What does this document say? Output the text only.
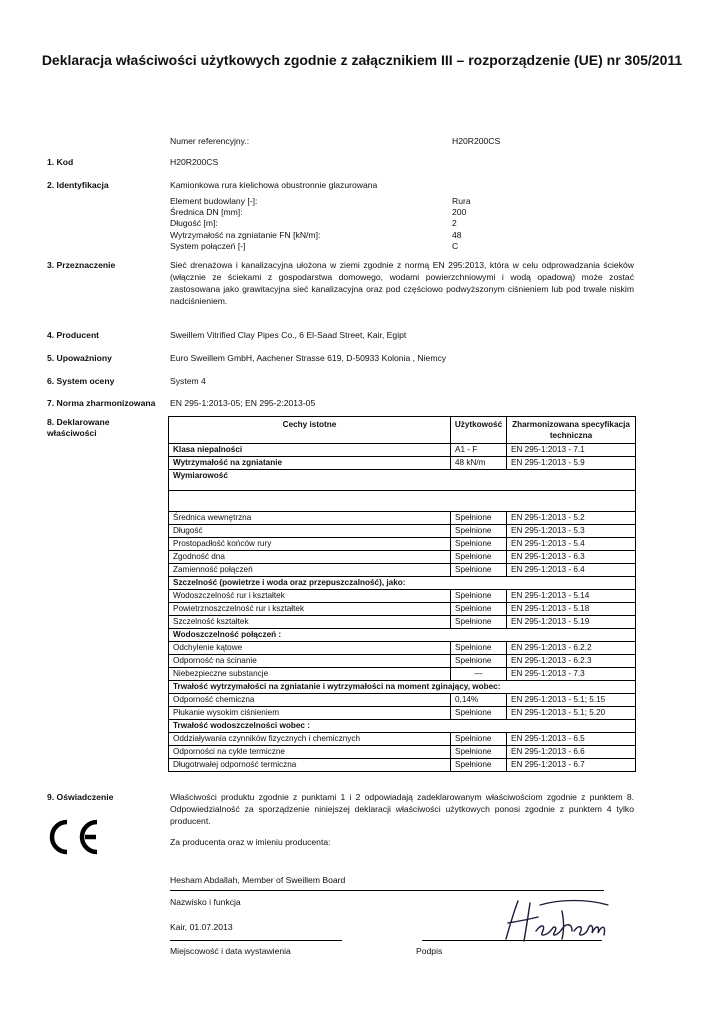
Deklaracja właściwości użytkowych zgodnie z załącznikiem III – rozporządzenie (UE) nr 305/2011
Numer referencyjny.:	H20R200CS
1. Kod	H20R200CS
2. Identyfikacja	Kamionkowa rura kielichowa obustronnie glazurowana
Element budowlany [-]:	Rura
Średnica DN [mm]:	200
Długość [m]:	2
Wytrzymałość na zgniatanie FN [kN/m]:	48
System połączeń [-]	C
3. Przeznaczenie	Sieć drenażowa i kanalizacyjna ułożona w ziemi zgodnie z normą EN 295:2013, która w celu odprowadzania ścieków (włącznie ze ściekami z gospodarstwa domowego, wodami powierzchniowymi i wodą opadową) może zostać zastosowana jako grawitacyjna sieć kanalizacyjna oraz pod częściowo podwyższonym ciśnieniem lub pod trwale niskim nadciśnieniem.
4. Producent	Sweillem Vitrified Clay Pipes Co., 6 El-Saad Street, Kair, Egipt
5. Upoważniony	Euro Sweillem GmbH, Aachener Strasse 619, D-50933 Kolonia , Niemcy
6. System oceny	System 4
7. Norma zharmonizowana EN 295-1:2013-05; EN 295-2:2013-05
8. Deklarowane
właściwości
Cechy istotne	Użytkowość	Zharmonizowana specyfikacja techniczna
Klasa niepalności	A1 - F	EN 295-1:2013 - 7.1
Wytrzymałość na zgniatanie	48 kN/m	EN 295-1:2013 - 5.9
Wymiarowość		

Średnica wewnętrzna	Spełnione	EN 295-1:2013 - 5.2
Długość	Spełnione	EN 295-1:2013 - 5.3
Prostopadłość końców rury	Spełnione	EN 295-1:2013 - 5.4
Zgodność dna	Spełnione	EN 295-1:2013 - 6.3
Zamienność połączeń	Spełnione	EN 295-1:2013 - 6.4
Szczelność (powietrze i woda oraz przepuszczalność), jako:		
Wodoszczelność rur i kształtek	Spełnione	EN 295-1:2013 - 5.14
Powietrznoszczelność rur i kształtek	Spełnione	EN 295-1:2013 - 5.18
Szczelność kształtek	Spełnione	EN 295-1:2013 - 5.19
Wodoszczelność połączeń :		
Odchylenie kątowe	Spełnione	EN 295-1:2013 - 6.2.2
Odporność na ścinanie	Spełnione	EN 295-1:2013 - 6.2.3
Niebezpieczne substancje	—	EN 295-1:2013 - 7.3
Trwałość wytrzymałości na zgniatanie i wytrzymałości na moment zginający, wobec:		
Odporność chemiczna	0,14%	EN 295-1:2013 - 5.1; 5.15
Płukanie wysokim ciśnieniem	Spełnione	EN 295-1:2013 - 5.1; 5.20
Trwałość wodoszczelności wobec :		
Oddziaływania czynników fizycznych i chemicznych	Spełnione	EN 295-1:2013 - 6.5
Odporności na cykle termiczne	Spełnione	EN 295-1:2013 - 6.6
Długotrwałej odporność termiczna	Spełnione	EN 295-1:2013 - 6.7
9. Oświadczenie	Właściwości produktu zgodnie z punktami 1 i 2 odpowiadają zadeklarowanym właściwościom zgodnie z punktem 8. Odpowiedzialność za sporządzenie niniejszej deklaracji właściwości użytkowych ponosi zgodnie z punktem 4 tylko producent.
Za producenta oraz w imieniu producenta:
Hesham Abdallah, Member of Sweillem Board
Nazwisko i funkcja
Kair, 01.07.2013
Miejscowość i data wystawienia	Podpis
